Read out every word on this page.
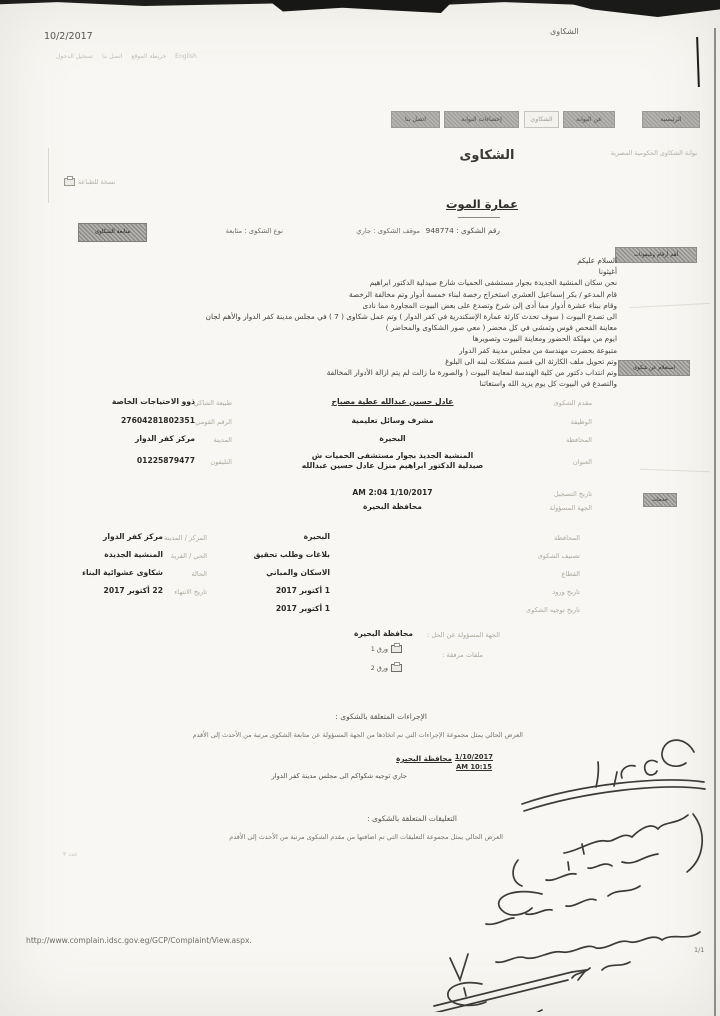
10/2/2017	الشكاوى
English
خريطة الموقع
اتصل بنا
تسجيل الدخول
اتصل بنا	إحصاءات البوابة	الشكاوى	عن البوابة	الرئيسية
بوابة الشكاوى الحكومية المصرية
الشكاوى
نسخة للطباعة
أهم أرقام وتليفونات
استعلام عن شكوى
خدمات
عمارة الموت
رقم الشكوى : 948774
موقف الشكوى : جاري
نوع الشكوى : متابعة
متابعة الشكاوى
السلام عليكم
أغيثونا
نحن سكان المنشية الجديدة بجوار مستشفى الحميات شارع صيدلية الدكتور ابراهيم
قام المدعو / بكر إسماعيل العشري استخراج رخصة لبناء خمسة أدوار وتم مخالفة الرخصة
وقام ببناء عشرة أدوار مما أدى إلى شرخ وتصدع على بعض البيوت المجاورة مما نادى
الى تصدع البيوت ( سوف تحدث كارثة عمارة الإسكندرية في كفر الدوار ) وتم عمل شكاوى ( 7 ) في مجلس مدينة كفر الدوار والأهم لجان
معاينة الفحص قوس وتمشي في كل محضر ( معي صور الشكاوى والمحاضر )
ايوم من مهلكة الحضور ومعاينة البيوت وتصويرها
متبوعة بحضرت مهندسة من مجلس مدينة كفر الدوار
وتم تحويل ملف الكارثة الى قسم مشكلات لبنه الى البلوغ
وتم انتداب دكتور من كلية الهندسة لمعاينة البيوت ( والصورة ما زالت لم يتم ازالة الأدوار المخالفة
والتصدع في البيوت كل يوم يزيد الله واستغاثنا
مقدم الشكوى
عادل حسين عبدالله عطية مصباح
طبيعة الشاكي
ذوو الاحتياجات الخاصة
الوظيفة
مشرف وسائل تعليمية
الرقم القومي
27604281802351
المحافظة
البحيرة
المدينة
مركز كفر الدوار
العنوان
المنشية الجديد بجوار مستشفى الحميات ش صيدلية الدكتور ابراهيم منزل عادل حسين عبدالله
التليفون
01225879477
تاريخ التسجيل
AM 2:04 1/10/2017
الجهة المسؤولة
محافظة البحيرة
المحافظة
البحيرة
المركز / المدينة
مركز كفر الدوار
تصنيف الشكوى
بلاغات وطلب تحقيق
الحي / القرية
المنشية الجديدة
القطاع
الاسكان والمباني
الحالة
شكاوى عشوائية البناء
تاريخ ورود
1 أكتوبر 2017
تاريخ الانتهاء
22 أكتوبر 2017
تاريخ توجيه الشكوى
1 أكتوبر 2017
الجهة المسؤولة عن الحل :
محافظة البحيرة
ملفات مرفقة :
ورق 1
ورق 2
الإجراءات المتعلقة بالشكوى :
العرض الحالي يمثل مجموعة الإجراءات التي تم اتخاذها من الجهة المسؤولة عن متابعة الشكوى مرتبة من الأحدث إلى الأقدم
1/10/2017
AM 10:15
محافظة البحيرة
جاري توجيه شكواكم الى مجلس مدينة كفر الدوار
التعليقات المتعلقة بالشكوى :
العرض الحالي يمثل مجموعة التعليقات التي تم اضافتها من مقدم الشكوى مرتبة من الأحدث إلى الأقدم
عدد ٣
http://www.complain.idsc.gov.eg/GCP/Complaint/View.aspx.
1/1
